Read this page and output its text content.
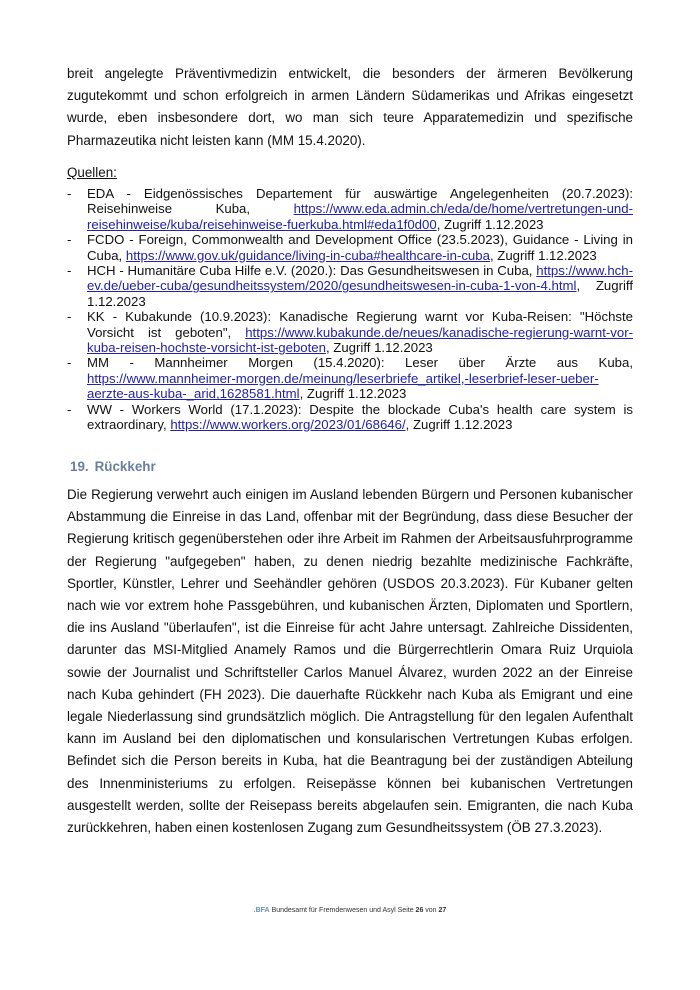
breit angelegte Präventivmedizin entwickelt, die besonders der ärmeren Bevölkerung zugutekommt und schon erfolgreich in armen Ländern Südamerikas und Afrikas eingesetzt wurde, eben insbesondere dort, wo man sich teure Apparatemedizin und spezifische Pharmazeutika nicht leisten kann (MM 15.4.2020).

Quellen:

- EDA - Eidgenössisches Departement für auswärtige Angelegenheiten (20.7.2023): Reisehinweise Kuba, https://www.eda.admin.ch/eda/de/home/vertretungen-und-reisehinweise/kuba/reisehinweise-fuerkuba.html#eda1f0d00, Zugriff 1.12.2023
- FCDO - Foreign, Commonwealth and Development Office (23.5.2023), Guidance - Living in Cuba, https://www.gov.uk/guidance/living-in-cuba#healthcare-in-cuba, Zugriff 1.12.2023
- HCH - Humanitäre Cuba Hilfe e.V. (2020.): Das Gesundheitswesen in Cuba, https://www.hch-ev.de/ueber-cuba/gesundheitssystem/2020/gesundheitswesen-in-cuba-1-von-4.html, Zugriff 1.12.2023
- KK - Kubakunde (10.9.2023): Kanadische Regierung warnt vor Kuba-Reisen: "Höchste Vorsicht ist geboten", https://www.kubakunde.de/neues/kanadische-regierung-warnt-vor-kuba-reisen-hochste-vorsicht-ist-geboten, Zugriff 1.12.2023
- MM - Mannheimer Morgen (15.4.2020): Leser über Ärzte aus Kuba, https://www.mannheimer-morgen.de/meinung/leserbriefe_artikel,-leserbrief-leser-ueber-aerzte-aus-kuba-_arid,1628581.html, Zugriff 1.12.2023
- WW - Workers World (17.1.2023): Despite the blockade Cuba's health care system is extraordinary, https://www.workers.org/2023/01/68646/, Zugriff 1.12.2023
19. Rückkehr

Die Regierung verwehrt auch einigen im Ausland lebenden Bürgern und Personen kubanischer Abstammung die Einreise in das Land, offenbar mit der Begründung, dass diese Besucher der Regierung kritisch gegenüberstehen oder ihre Arbeit im Rahmen der Arbeitsausfuhrprogramme der Regierung "aufgegeben" haben, zu denen niedrig bezahlte medizinische Fachkräfte, Sportler, Künstler, Lehrer und Seehändler gehören (USDOS 20.3.2023). Für Kubaner gelten nach wie vor extrem hohe Passgebühren, und kubanischen Ärzten, Diplomaten und Sportlern, die ins Ausland "überlaufen", ist die Einreise für acht Jahre untersagt. Zahlreiche Dissidenten, darunter das MSI-Mitglied Anamely Ramos und die Bürgerrechtlerin Omara Ruiz Urquiola sowie der Journalist und Schriftsteller Carlos Manuel Álvarez, wurden 2022 an der Einreise nach Kuba gehindert (FH 2023). Die dauerhafte Rückkehr nach Kuba als Emigrant und eine legale Niederlassung sind grundsätzlich möglich. Die Antragstellung für den legalen Aufenthalt kann im Ausland bei den diplomatischen und konsularischen Vertretungen Kubas erfolgen. Befindet sich die Person bereits in Kuba, hat die Beantragung bei der zuständigen Abteilung des Innenministeriums zu erfolgen. Reisepässe können bei kubanischen Vertretungen ausgestellt werden, sollte der Reisepass bereits abgelaufen sein. Emigranten, die nach Kuba zurückkehren, haben einen kostenlosen Zugang zum Gesundheitssystem (ÖB 27.3.2023).

.BFA Bundesamt für Fremdenwesen und Asyl Seite 26 von 27
